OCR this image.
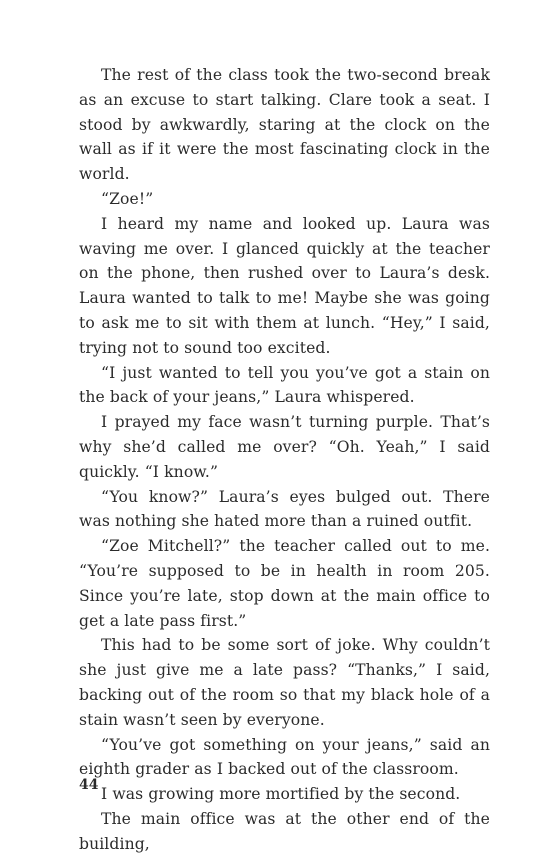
The rest of the class took the two-second break as an excuse to start talking. Clare took a seat. I stood by awkwardly, staring at the clock on the wall as if it were the most fascinating clock in the world.

“Zoe!”

I heard my name and looked up. Laura was waving me over. I glanced quickly at the teacher on the phone, then rushed over to Laura’s desk. Laura wanted to talk to me! Maybe she was going to ask me to sit with them at lunch. “Hey,” I said, trying not to sound too excited.

“I just wanted to tell you you’ve got a stain on the back of your jeans,” Laura whispered.

I prayed my face wasn’t turning purple. That’s why she’d called me over? “Oh. Yeah,” I said quickly. “I know.”

“You know?” Laura’s eyes bulged out. There was nothing she hated more than a ruined outfit.

“Zoe Mitchell?” the teacher called out to me. “You’re supposed to be in health in room 205. Since you’re late, stop down at the main office to get a late pass first.”

This had to be some sort of joke. Why couldn’t she just give me a late pass? “Thanks,” I said, backing out of the room so that my black hole of a stain wasn’t seen by everyone.

“You’ve got something on your jeans,” said an eighth grader as I backed out of the classroom.

I was growing more mortified by the second.

The main office was at the other end of the building,

44
